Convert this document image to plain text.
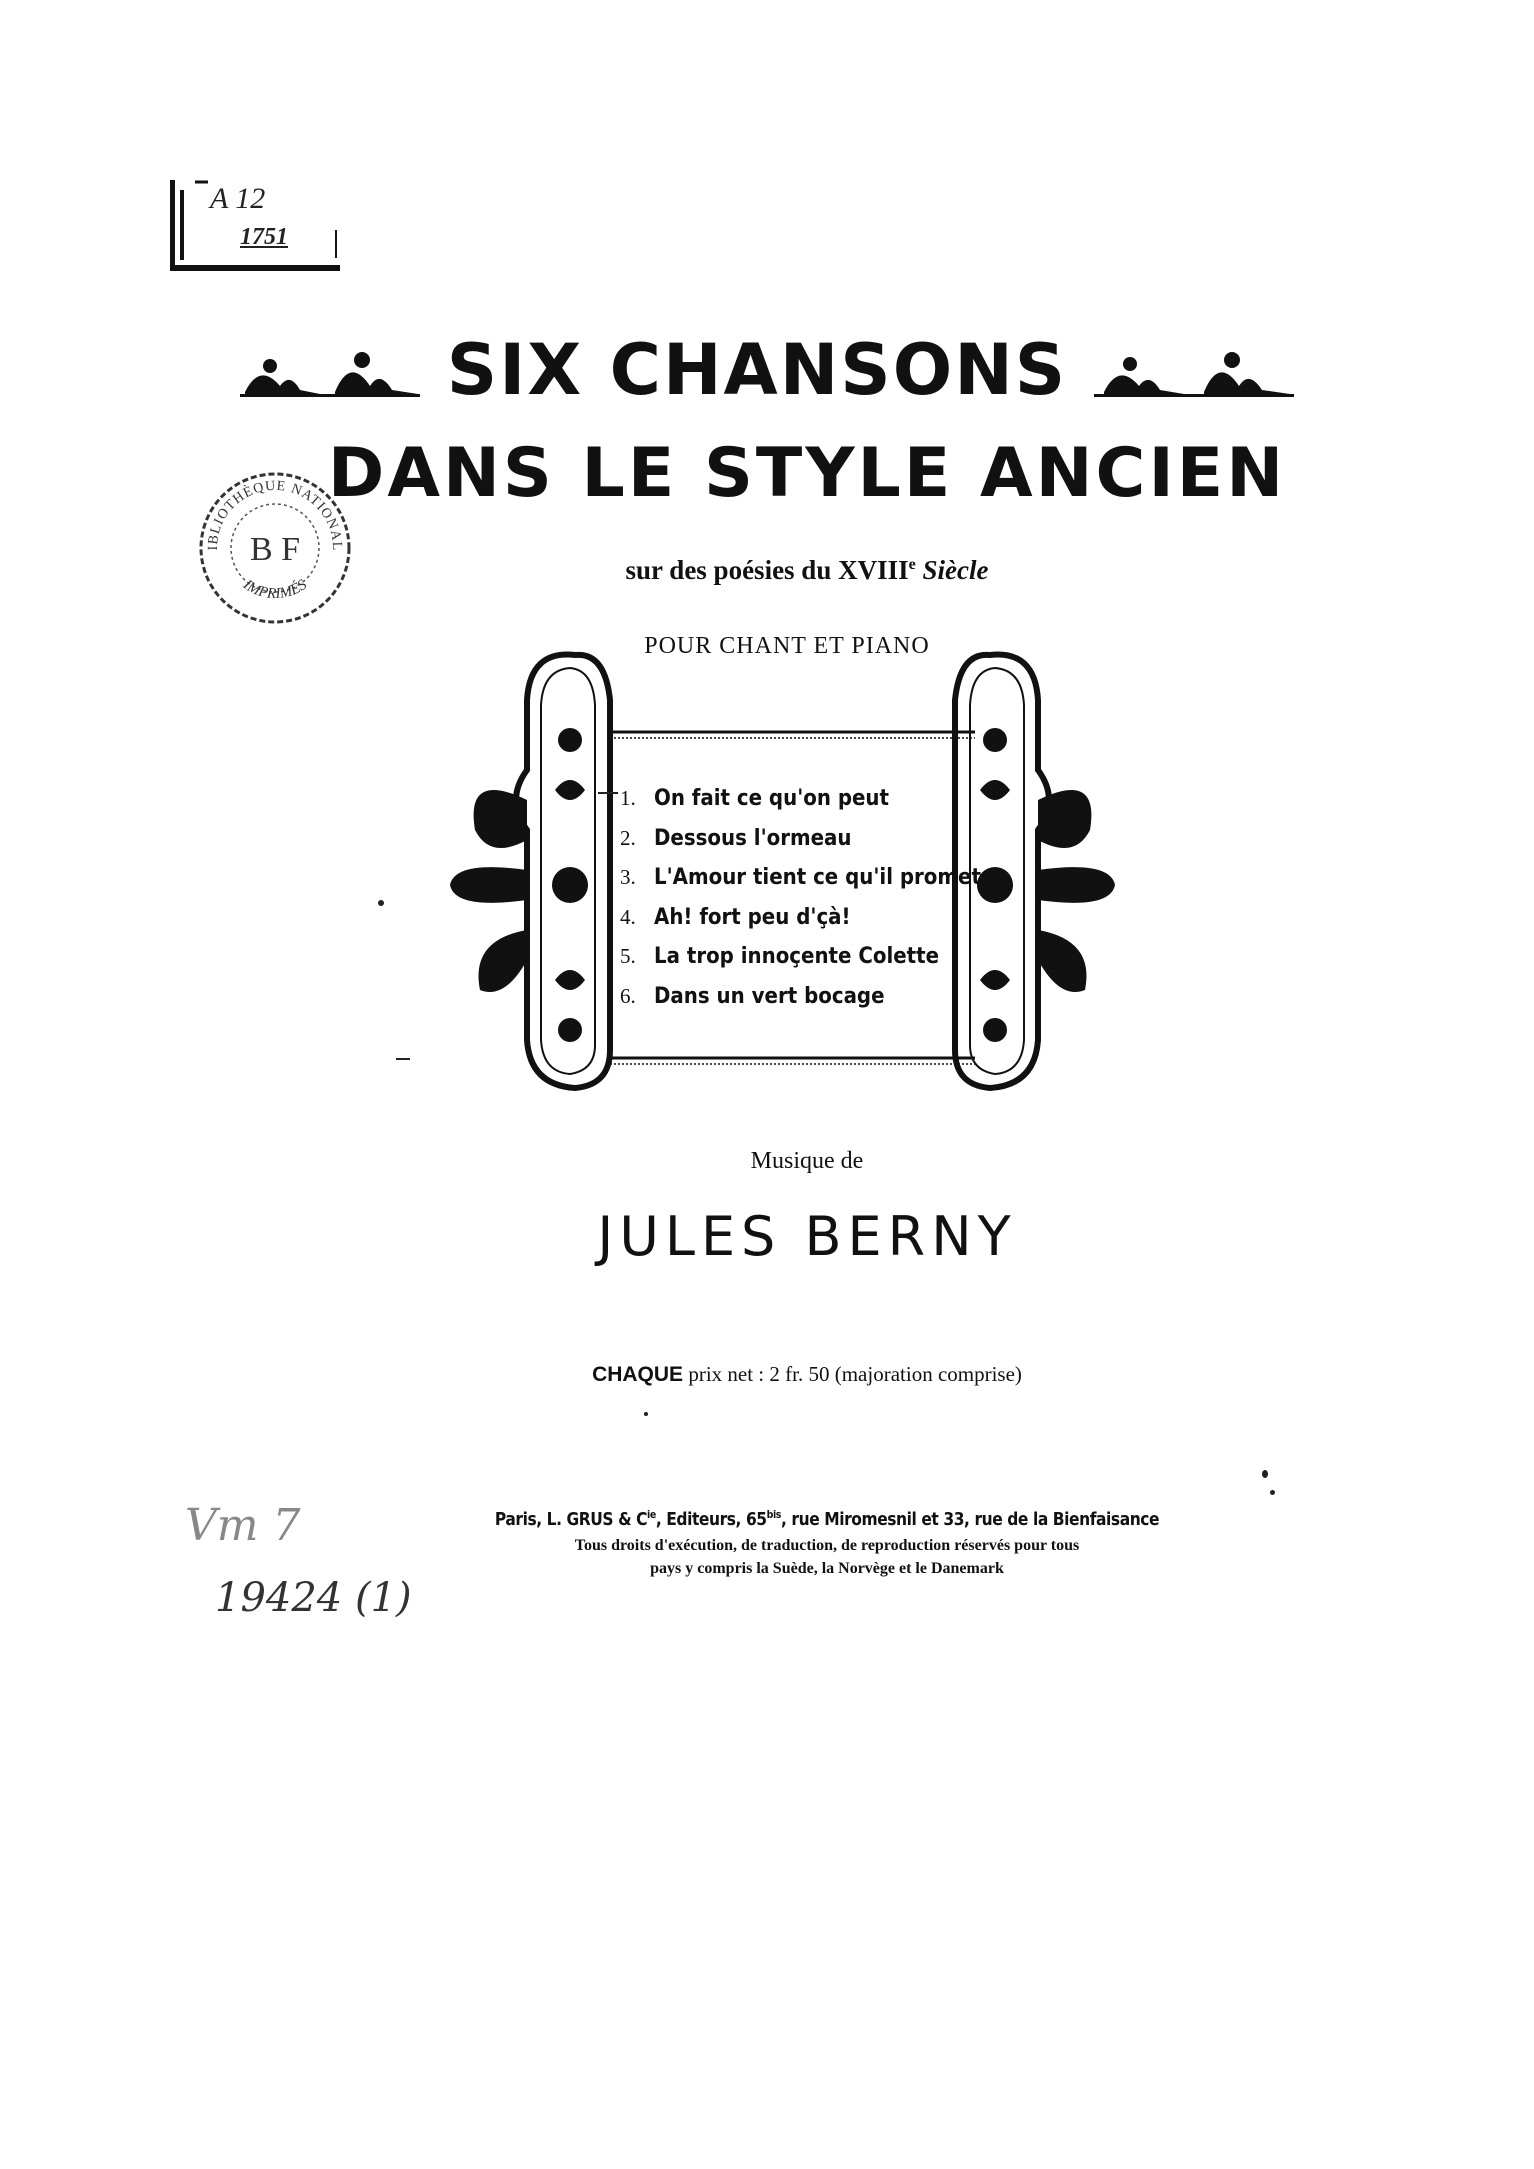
A 12
1751
SIX CHANSONS
DANS LE STYLE ANCIEN
IBLIOTHÈQUE NATIONAL
IMPRIMÉS
B F
sur des poésies du XVIIIe Siècle
POUR CHANT ET PIANO
1. On fait ce qu'on peut
2. Dessous l'ormeau
3. L'Amour tient ce qu'il promet
4. Ah! fort peu d'çà!
5. La trop innoçente Colette
6. Dans un vert bocage
Musique de
JULES BERNY
CHAQUE prix net : 2 fr. 50 (majoration comprise)
Paris, L. GRUS & $C^{ie}$, Editeurs, $65^{bis}$, rue Miromesnil et 33, rue de la Bienfaisance
Tous droits d'exécution, de traduction, de reproduction réservés pour tous
pays y compris la Suède, la Norvège et le Danemark
Vm 7
19424 (1)
